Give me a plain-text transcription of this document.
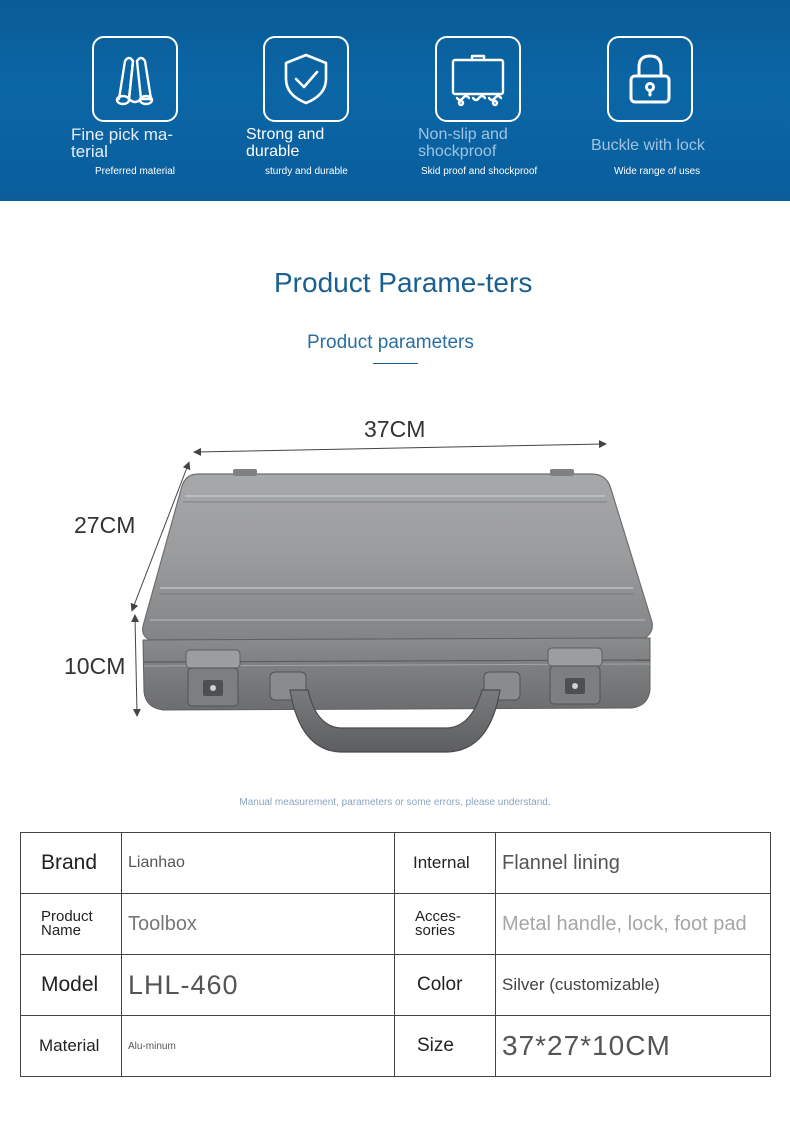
Fine pick ma-terial
Preferred material
Strong and durable
sturdy and durable
Non-slip and shockproof
Skid proof and shockproof
Buckle with lock
Wide range of uses
Product Parame-ters
Product parameters
37CM
27CM
10CM
Manual measurement, parameters or some errors, please understand.
Brand	Lianhao	Internal	Flannel lining
Product Name	Toolbox	Acces-sories	Metal handle, lock, foot pad
Model	LHL-460	Color	Silver (customizable)
Material	Alu-minum	Size	37*27*10CM
